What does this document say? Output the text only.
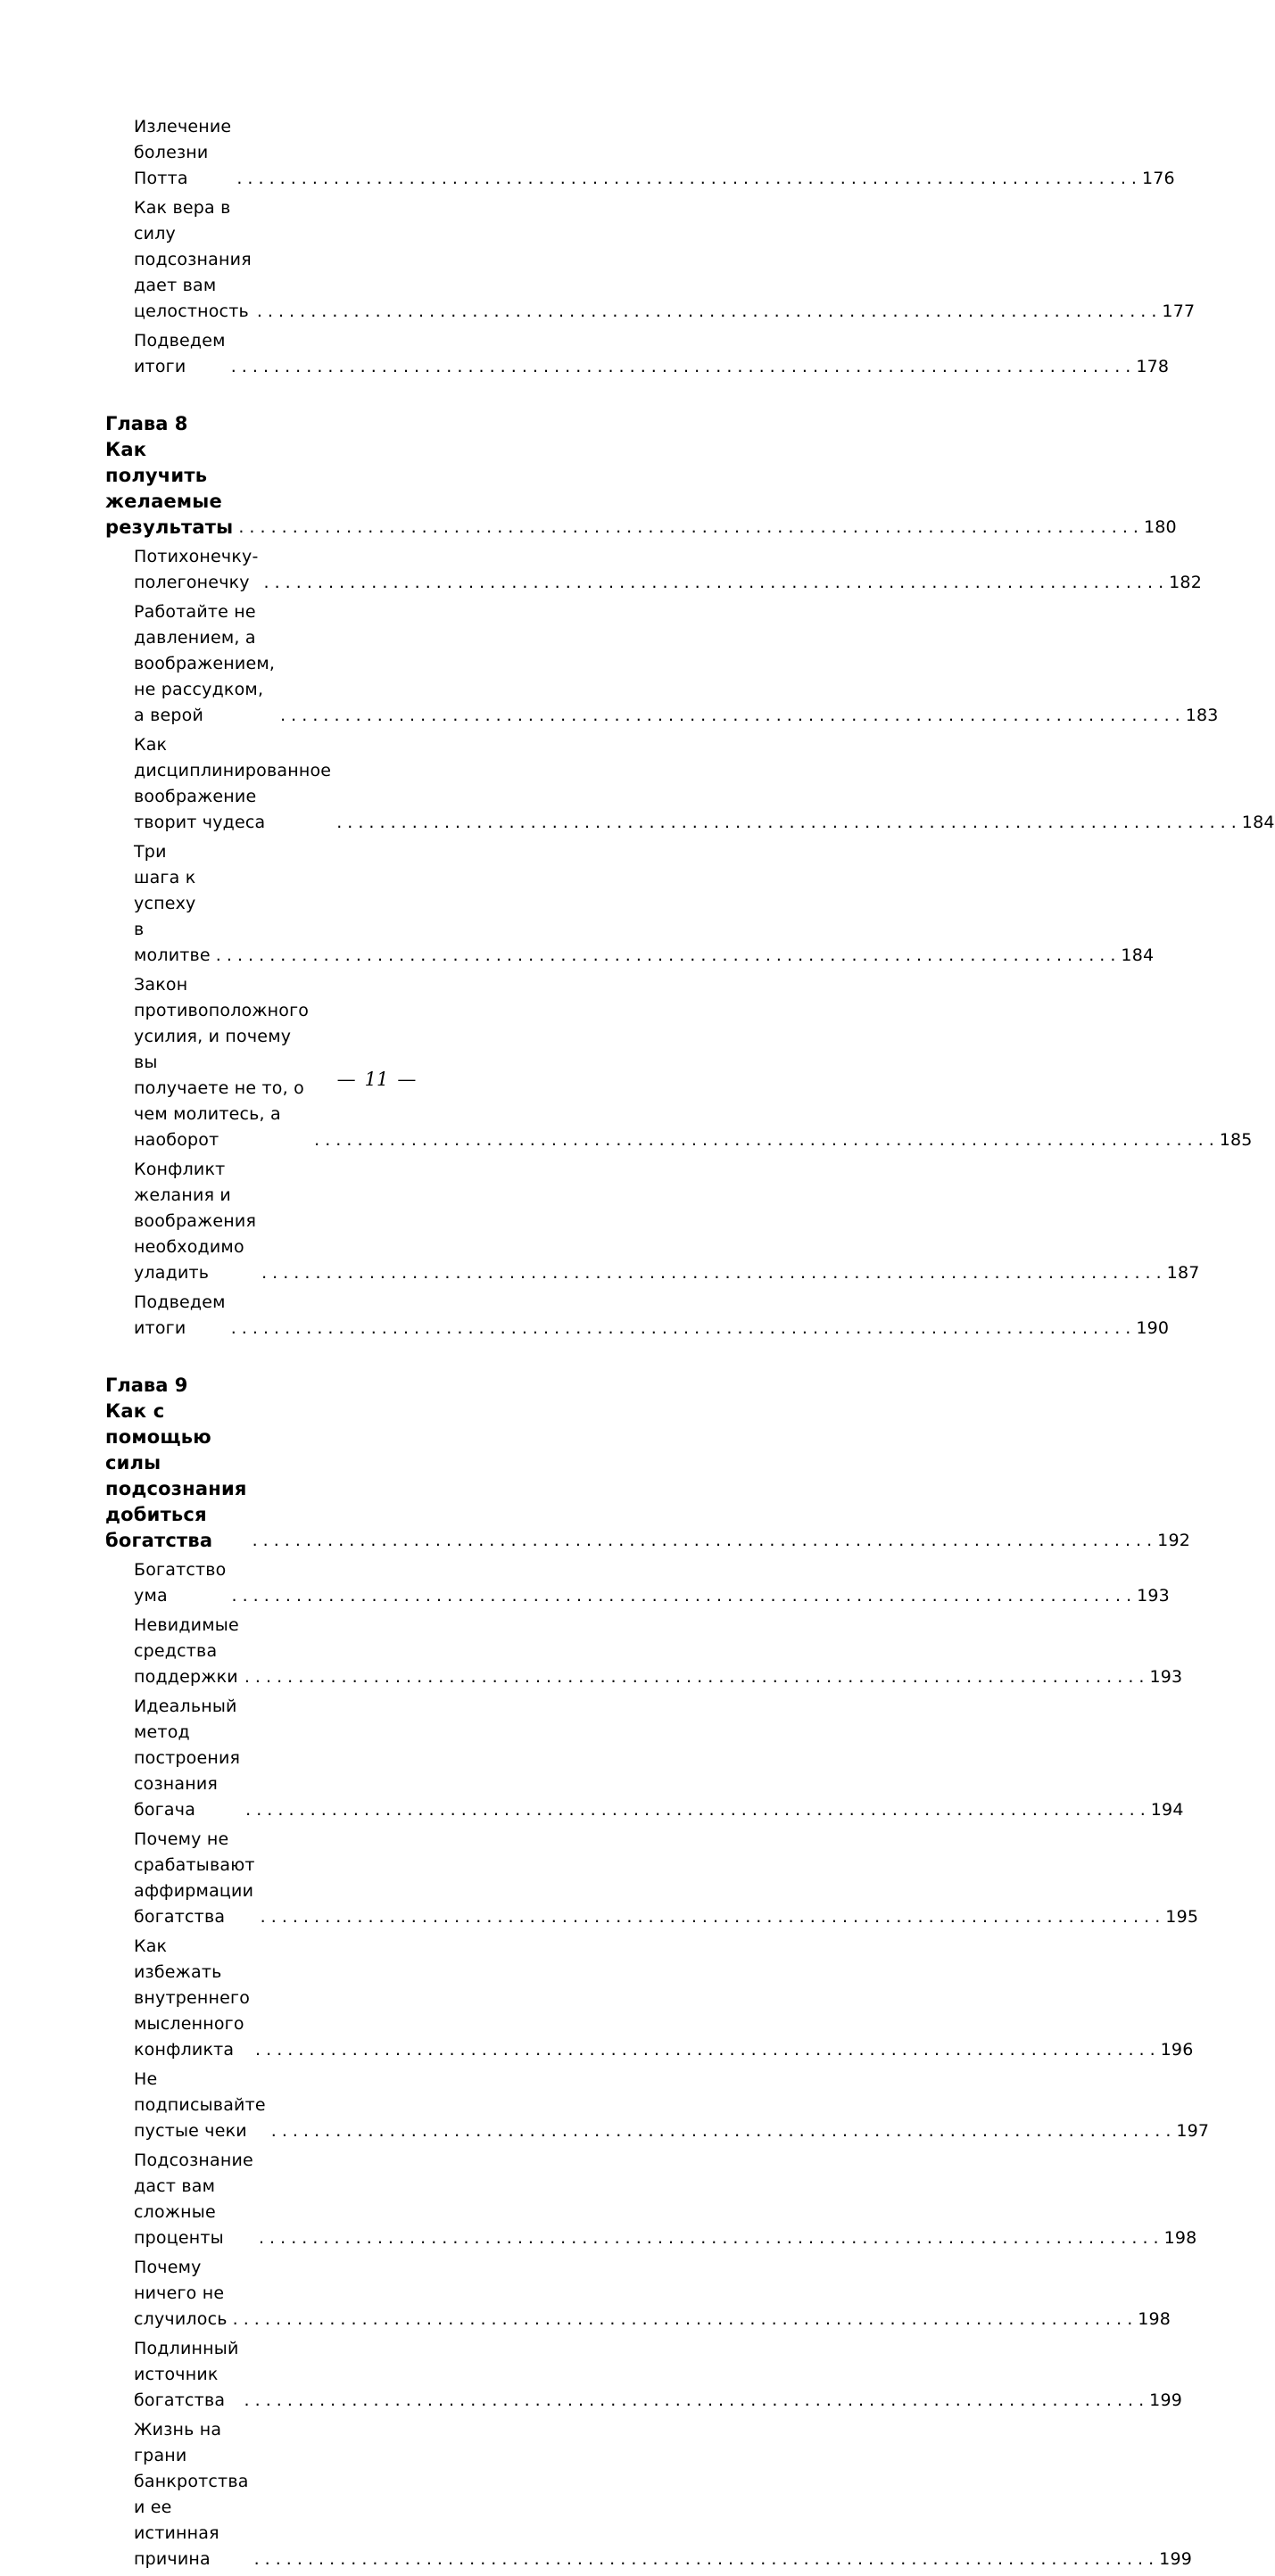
Излечение болезни Потта . . .	176
Как вера в силу подсознания дает вам
целостность . . .	177
Подведем итоги . . .	178
Глава 8
Как получить желаемые результаты . . .	180
Потихонечку-полегонечку . . .	182
Работайте не давлением, а воображением,
не рассудком, а верой . . .	183
Как дисциплинированное воображение
творит чудеса . . .	184
Три шага к успеху в молитве . . .	184
Закон противоположного усилия, и почему вы
получаете не то, о чем молитесь, а наоборот . . .	185
Конфликт желания и воображения
необходимо уладить . . .	187
Подведем итоги . . .	190
Глава 9
Как с помощью силы подсознания
добиться богатства . . .	192
Богатство ума . . .	193
Невидимые средства поддержки . . .	193
Идеальный метод построения сознания богача . . .	194
Почему не срабатывают аффирмации богатства . . .	195
Как избежать внутреннего мысленного конфликта . . .	196
Не подписывайте пустые чеки . . .	197
Подсознание даст вам сложные проценты . . .	198
Почему ничего не случилось . . .	198
Подлинный источник богатства . . .	199
Жизнь на грани банкротства
и ее истинная причина . . .	199
— 11 —
